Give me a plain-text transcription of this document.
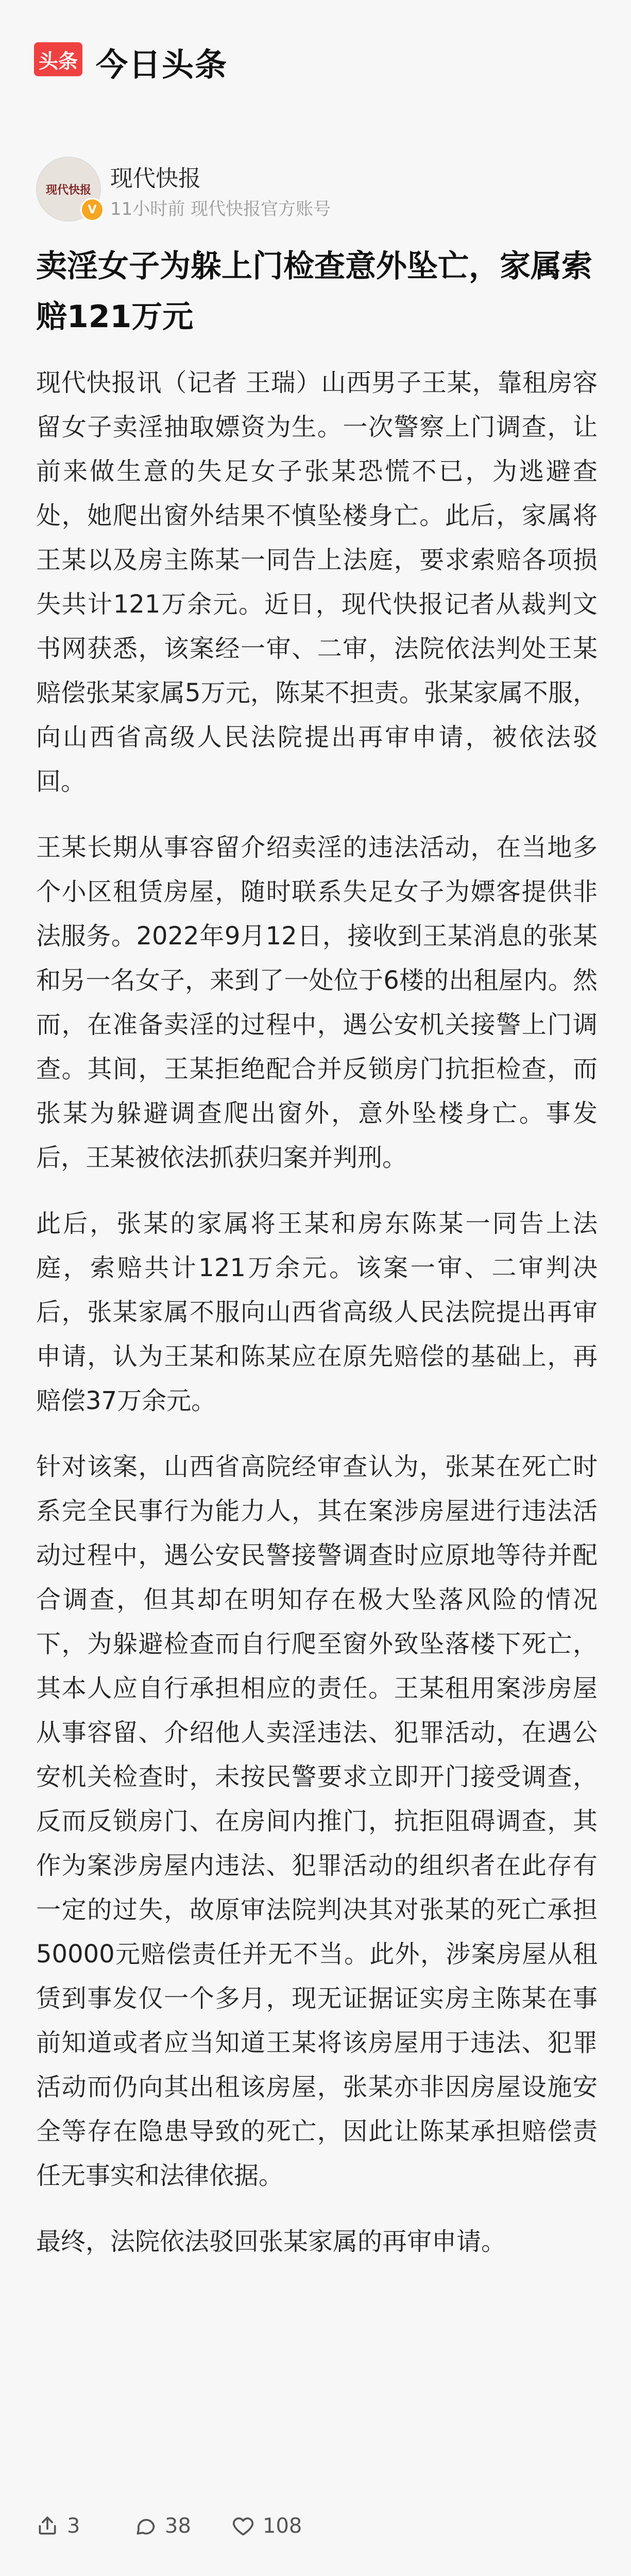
头条 今日头条
现代快报
V
现代快报
11小时前 现代快报官方账号
卖淫女子为躲上门检查意外坠亡，家属索赔121万元

现代快报讯（记者 王瑞）山西男子王某，靠租房容留女子卖淫抽取嫖资为生。一次警察上门调查，让前来做生意的失足女子张某恐慌不已，为逃避查处，她爬出窗外结果不慎坠楼身亡。此后，家属将王某以及房主陈某一同告上法庭，要求索赔各项损失共计121万余元。近日，现代快报记者从裁判文书网获悉，该案经一审、二审，法院依法判处王某赔偿张某家属5万元，陈某不担责。张某家属不服，向山西省高级人民法院提出再审申请，被依法驳回。

王某长期从事容留介绍卖淫的违法活动，在当地多个小区租赁房屋，随时联系失足女子为嫖客提供非法服务。2022年9月12日，接收到王某消息的张某和另一名女子，来到了一处位于6楼的出租屋内。然而，在准备卖淫的过程中，遇公安机关接警上门调查。其间，王某拒绝配合并反锁房门抗拒检查，而张某为躲避调查爬出窗外，意外坠楼身亡。事发后，王某被依法抓获归案并判刑。

此后，张某的家属将王某和房东陈某一同告上法庭，索赔共计121万余元。该案一审、二审判决后，张某家属不服向山西省高级人民法院提出再审申请，认为王某和陈某应在原先赔偿的基础上，再赔偿37万余元。

针对该案，山西省高院经审查认为，张某在死亡时系完全民事行为能力人，其在案涉房屋进行违法活动过程中，遇公安民警接警调查时应原地等待并配合调查，但其却在明知存在极大坠落风险的情况下，为躲避检查而自行爬至窗外致坠落楼下死亡，其本人应自行承担相应的责任。王某租用案涉房屋从事容留、介绍他人卖淫违法、犯罪活动，在遇公安机关检查时，未按民警要求立即开门接受调查，反而反锁房门、在房间内推门，抗拒阻碍调查，其作为案涉房屋内违法、犯罪活动的组织者在此存有一定的过失，故原审法院判决其对张某的死亡承担50000元赔偿责任并无不当。此外，涉案房屋从租赁到事发仅一个多月，现无证据证实房主陈某在事前知道或者应当知道王某将该房屋用于违法、犯罪活动而仍向其出租该房屋，张某亦非因房屋设施安全等存在隐患导致的死亡，因此让陈某承担赔偿责任无事实和法律依据。

最终，法院依法驳回张某家属的再审申请。

3	38	108
